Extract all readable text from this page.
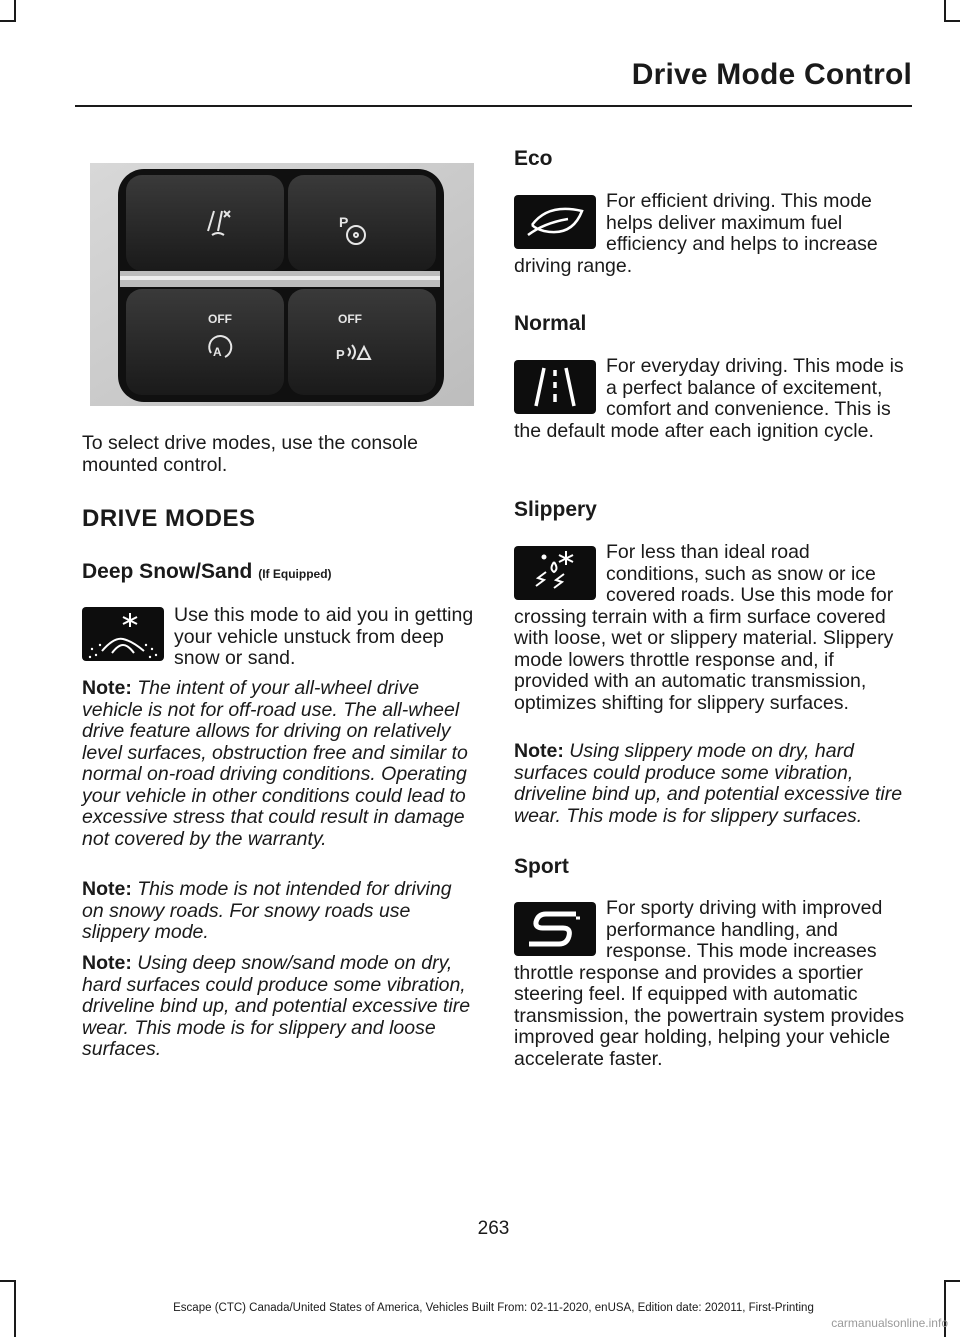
Drive Mode Control
P
OFF
A
OFF
P

To select drive modes, use the console mounted control.

DRIVE MODES
Deep Snow/Sand (If Equipped)

Use this mode to aid you in getting your vehicle unstuck from deep snow or sand.

Note: The intent of your all-wheel drive vehicle is not for off-road use. The all-wheel drive feature allows for driving on relatively level surfaces, obstruction free and similar to normal on-road driving conditions. Operating your vehicle in other conditions could lead to excessive stress that could result in damage not covered by the warranty.

Note: This mode is not intended for driving on snowy roads. For snowy roads use slippery mode.

Note: Using deep snow/sand mode on dry, hard surfaces could produce some vibration, driveline bind up, and potential excessive tire wear. This mode is for slippery and loose surfaces.

Eco

For efficient driving. This mode helps deliver maximum fuel efficiency and helps to increase driving range.

Normal

For everyday driving. This mode is a perfect balance of excitement, comfort and convenience. This is the default mode after each ignition cycle.

Slippery

For less than ideal road conditions, such as snow or ice covered roads. Use this mode for crossing terrain with a firm surface covered with loose, wet or slippery material. Slippery mode lowers throttle response and, if provided with an automatic transmission, optimizes shifting for slippery surfaces.

Note: Using slippery mode on dry, hard surfaces could produce some vibration, driveline bind up, and potential excessive tire wear. This mode is for slippery surfaces.

Sport

For sporty driving with improved performance handling, and response. This mode increases throttle response and provides a sportier steering feel. If equipped with automatic transmission, the powertrain system provides improved gear holding, helping your vehicle accelerate faster.

263
Escape (CTC) Canada/United States of America, Vehicles Built From: 02-11-2020, enUSA, Edition date: 202011, First-Printing
carmanualsonline.info
